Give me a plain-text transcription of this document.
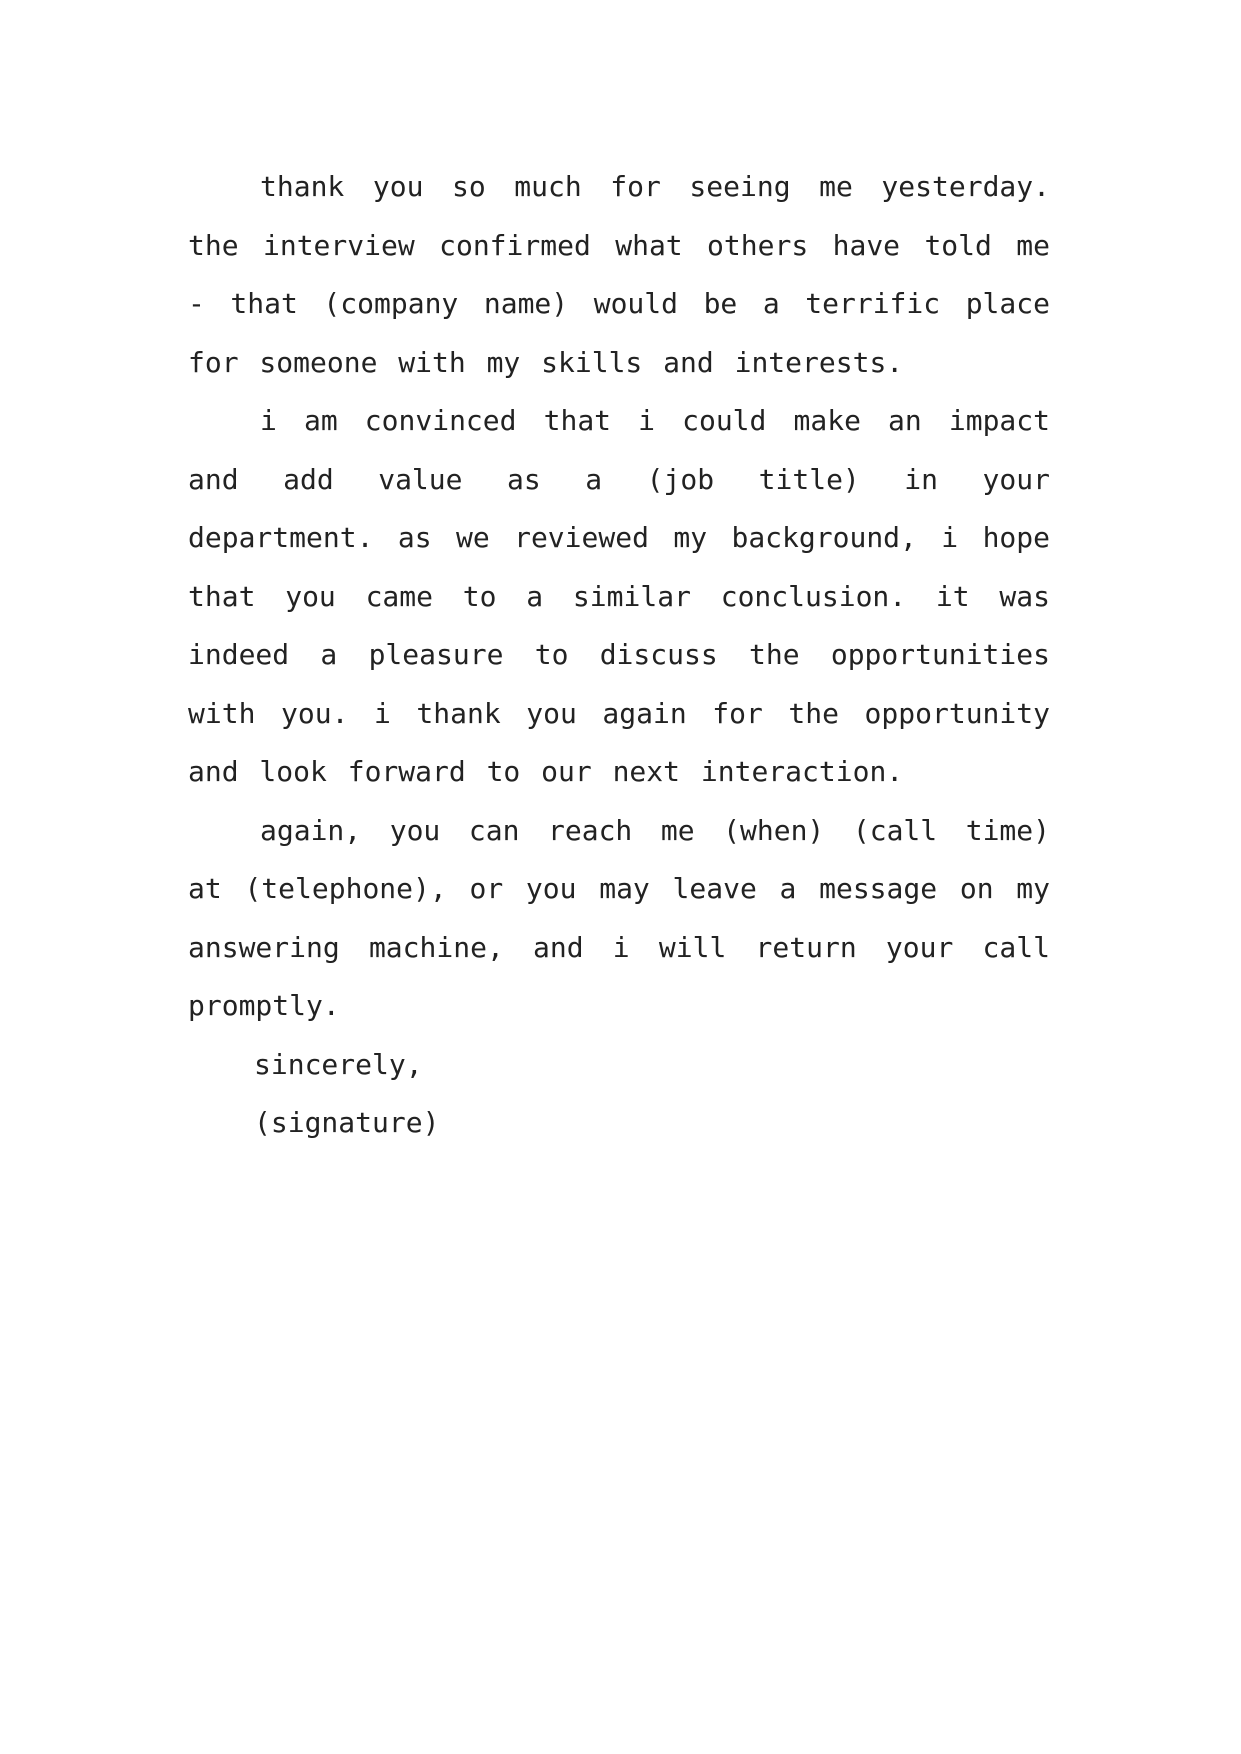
thank you so much for seeing me yesterday. the interview confirmed what others have told me - that (company name) would be a terrific place for someone with my skills and interests.

i am convinced that i could make an impact and add value as a (job title) in your department. as we reviewed my background, i hope that you came to a similar conclusion. it was indeed a pleasure to discuss the opportunities with you. i thank you again for the opportunity and look forward to our next interaction.

again, you can reach me (when) (call time) at (telephone), or you may leave a message on my answering machine, and i will return your call promptly.

sincerely,

(signature)
